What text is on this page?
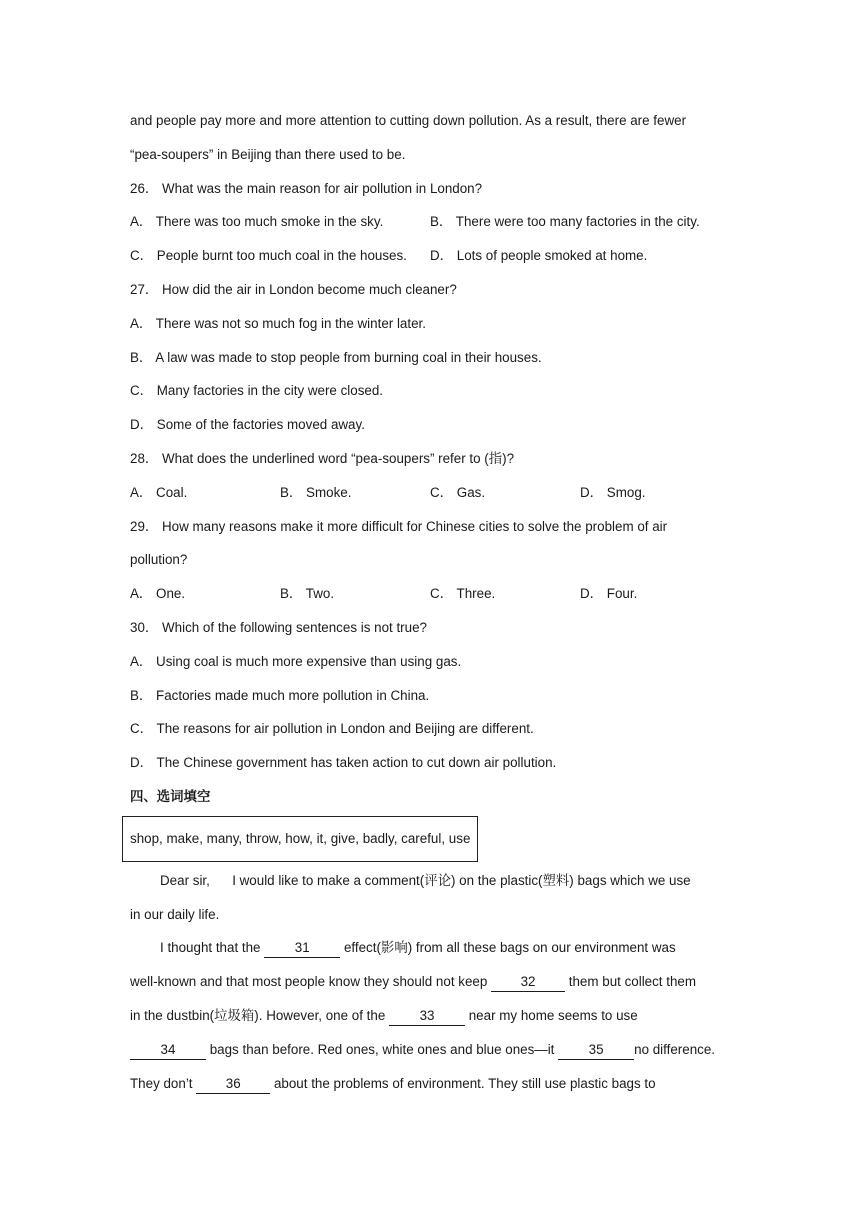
and people pay more and more attention to cutting down pollution. As a result, there are fewer
“pea-soupers” in Beijing than there used to be.
26． What was the main reason for air pollution in London?
A． There was too much smoke in the sky.	B． There were too many factories in the city.
C． People burnt too much coal in the houses.	D． Lots of people smoked at home.
27． How did the air in London become much cleaner?
A． There was not so much fog in the winter later.
B． A law was made to stop people from burning coal in their houses.
C． Many factories in the city were closed.
D． Some of the factories moved away.
28． What does the underlined word “pea-soupers” refer to (指)?
A． Coal.	B． Smoke.	C． Gas.	D． Smog.
29． How many reasons make it more difficult for Chinese cities to solve the problem of air
pollution?
A． One.	B． Two.	C． Three.	D． Four.
30． Which of the following sentences is not true?
A． Using coal is much more expensive than using gas.
B． Factories made much more pollution in China.
C． The reasons for air pollution in London and Beijing are different.
D． The Chinese government has taken action to cut down air pollution.
四、选词填空
shop, make, many, throw, how, it, give, badly, careful, use
Dear sir, I would like to make a comment(评论) on the plastic(塑料) bags which we use
in our daily life.
I thought that the 31 effect(影响) from all these bags on our environment was
well-known and that most people know they should not keep 32 them but collect them
in the dustbin(垃圾箱). However, one of the 33 near my home seems to use
34 bags than before. Red ones, white ones and blue ones—it 35 no difference.
They don’t 36 about the problems of environment. They still use plastic bags to
